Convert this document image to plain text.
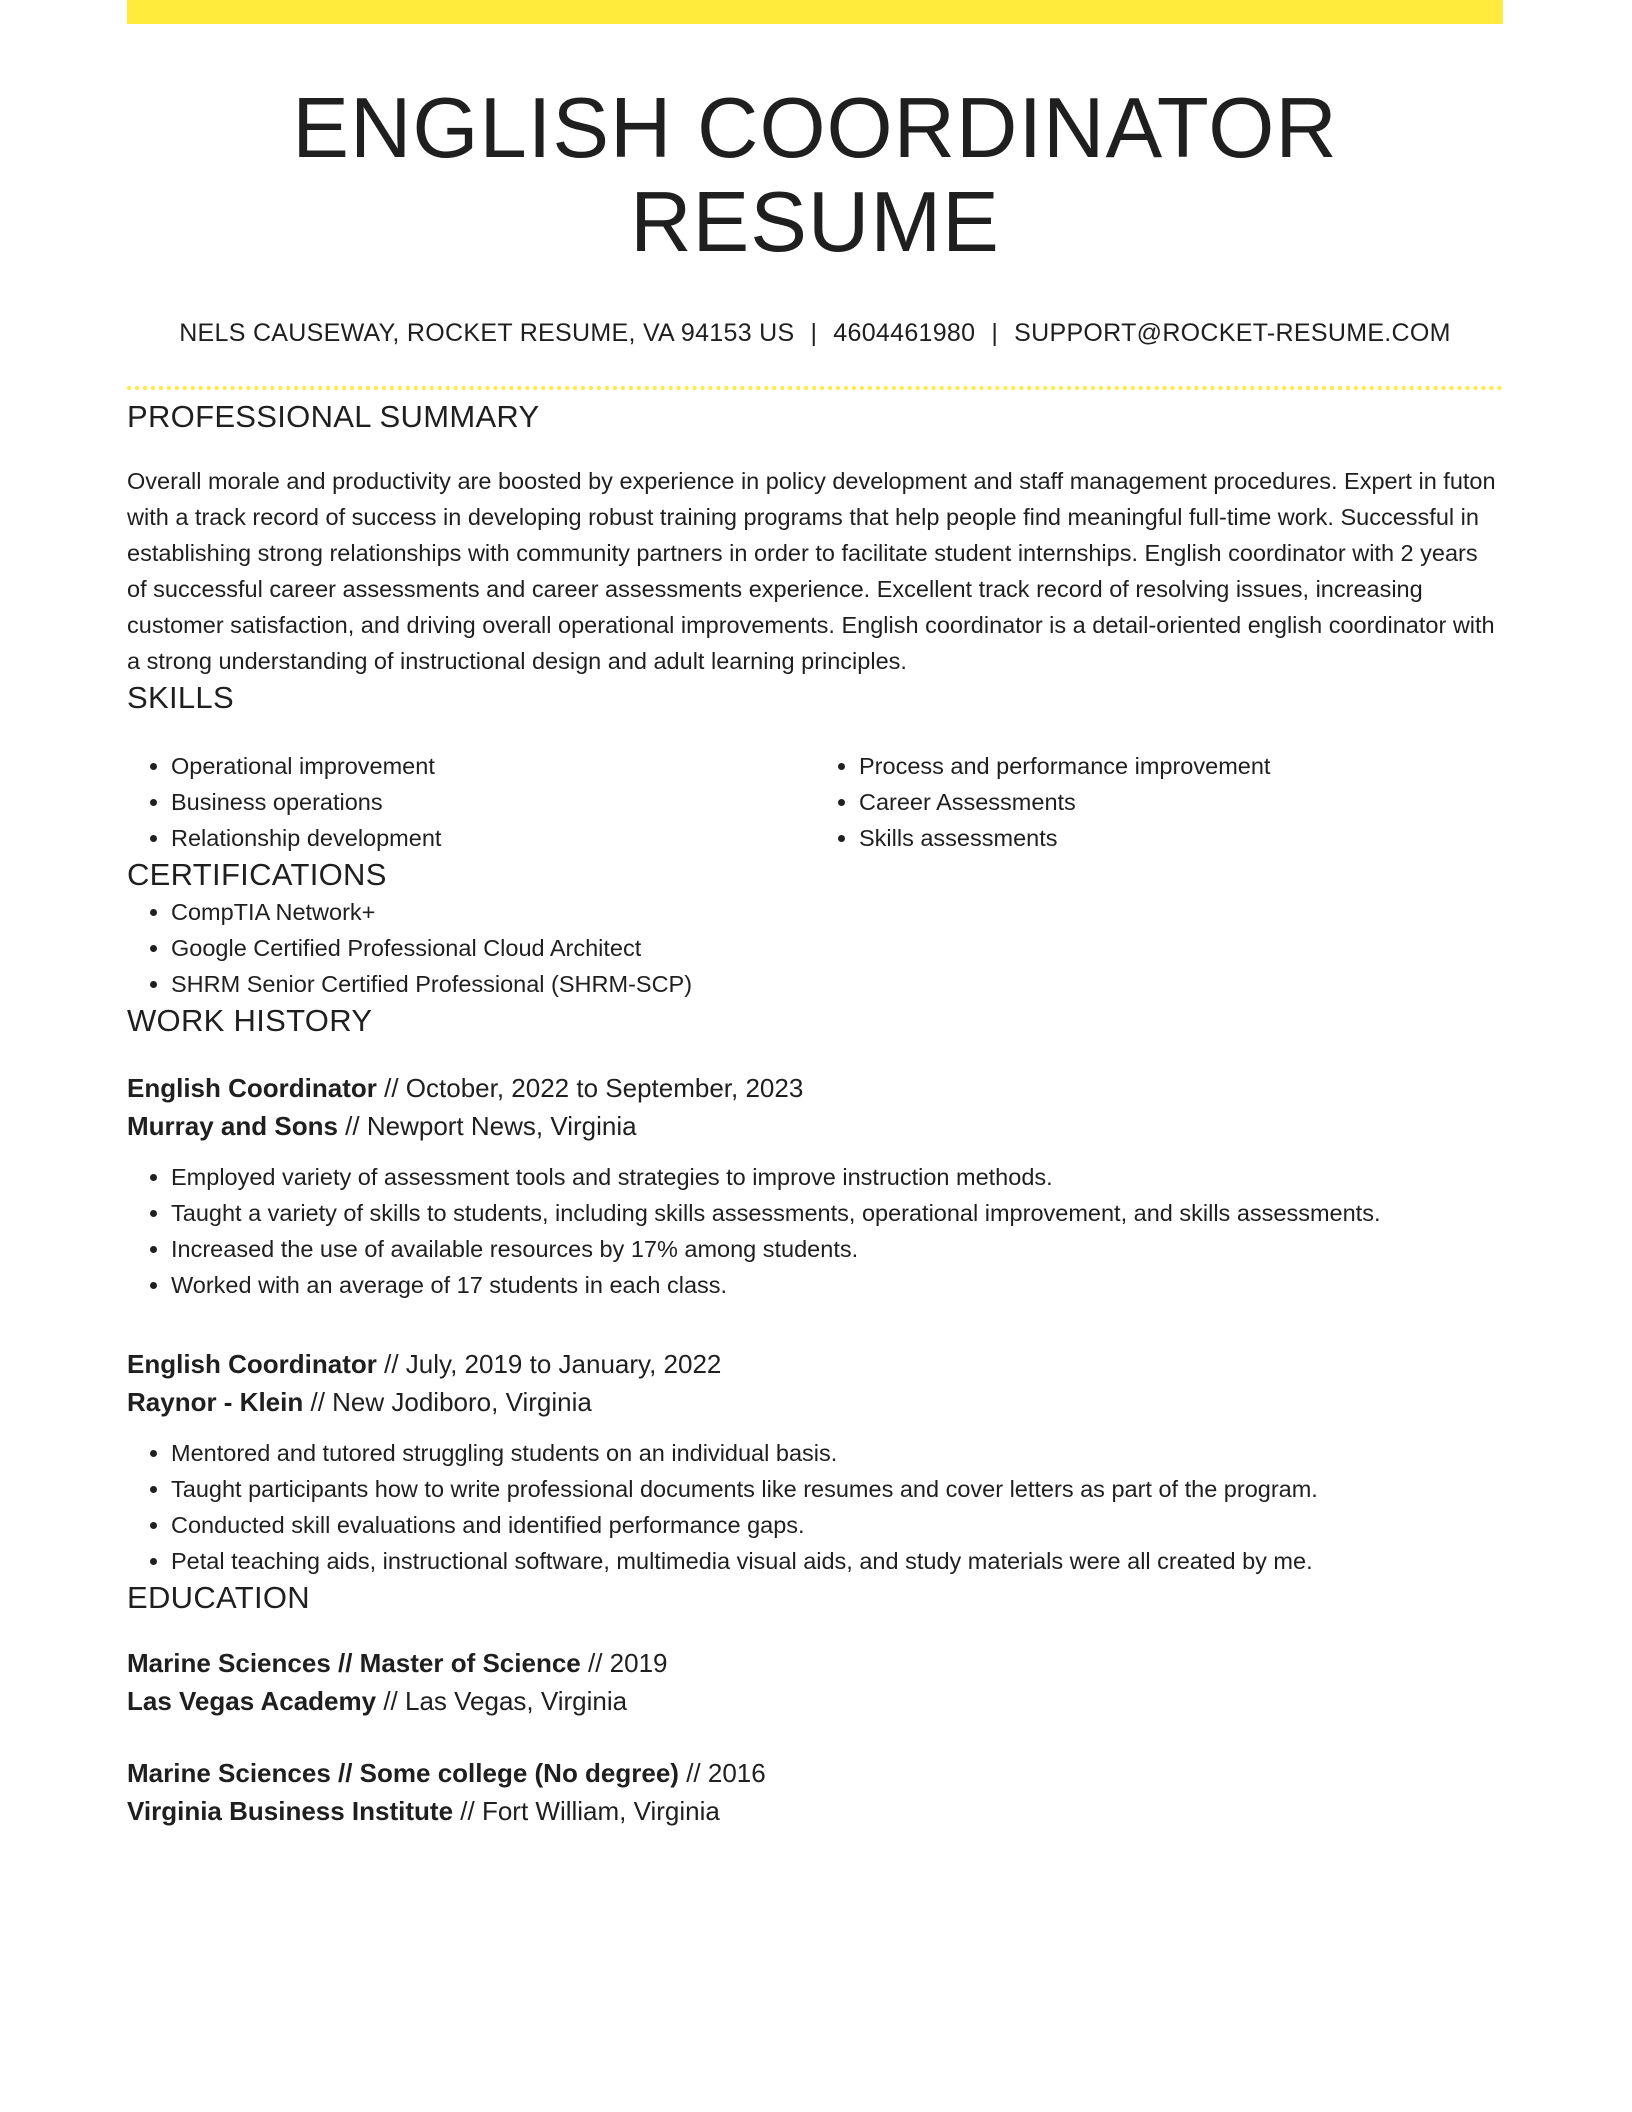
ENGLISH COORDINATOR RESUME
NELS CAUSEWAY, ROCKET RESUME, VA 94153 US | 4604461980 | SUPPORT@ROCKET-RESUME.COM
PROFESSIONAL SUMMARY

Overall morale and productivity are boosted by experience in policy development and staff management procedures. Expert in futon with a track record of success in developing robust training programs that help people find meaningful full-time work. Successful in establishing strong relationships with community partners in order to facilitate student internships. English coordinator with 2 years of successful career assessments and career assessments experience. Excellent track record of resolving issues, increasing customer satisfaction, and driving overall operational improvements. English coordinator is a detail-oriented english coordinator with a strong understanding of instructional design and adult learning principles.

SKILLS
• Operational improvement
• Business operations
• Relationship development
• Process and performance improvement
• Career Assessments
• Skills assessments
CERTIFICATIONS
• CompTIA Network+
• Google Certified Professional Cloud Architect
• SHRM Senior Certified Professional (SHRM-SCP)
WORK HISTORY
English Coordinator // October, 2022 to September, 2023
Murray and Sons // Newport News, Virginia
• Employed variety of assessment tools and strategies to improve instruction methods.
• Taught a variety of skills to students, including skills assessments, operational improvement, and skills assessments.
• Increased the use of available resources by 17% among students.
• Worked with an average of 17 students in each class.
English Coordinator // July, 2019 to January, 2022
Raynor - Klein // New Jodiboro, Virginia
• Mentored and tutored struggling students on an individual basis.
• Taught participants how to write professional documents like resumes and cover letters as part of the program.
• Conducted skill evaluations and identified performance gaps.
• Petal teaching aids, instructional software, multimedia visual aids, and study materials were all created by me.
EDUCATION
Marine Sciences // Master of Science // 2019
Las Vegas Academy // Las Vegas, Virginia
Marine Sciences // Some college (No degree) // 2016
Virginia Business Institute // Fort William, Virginia
